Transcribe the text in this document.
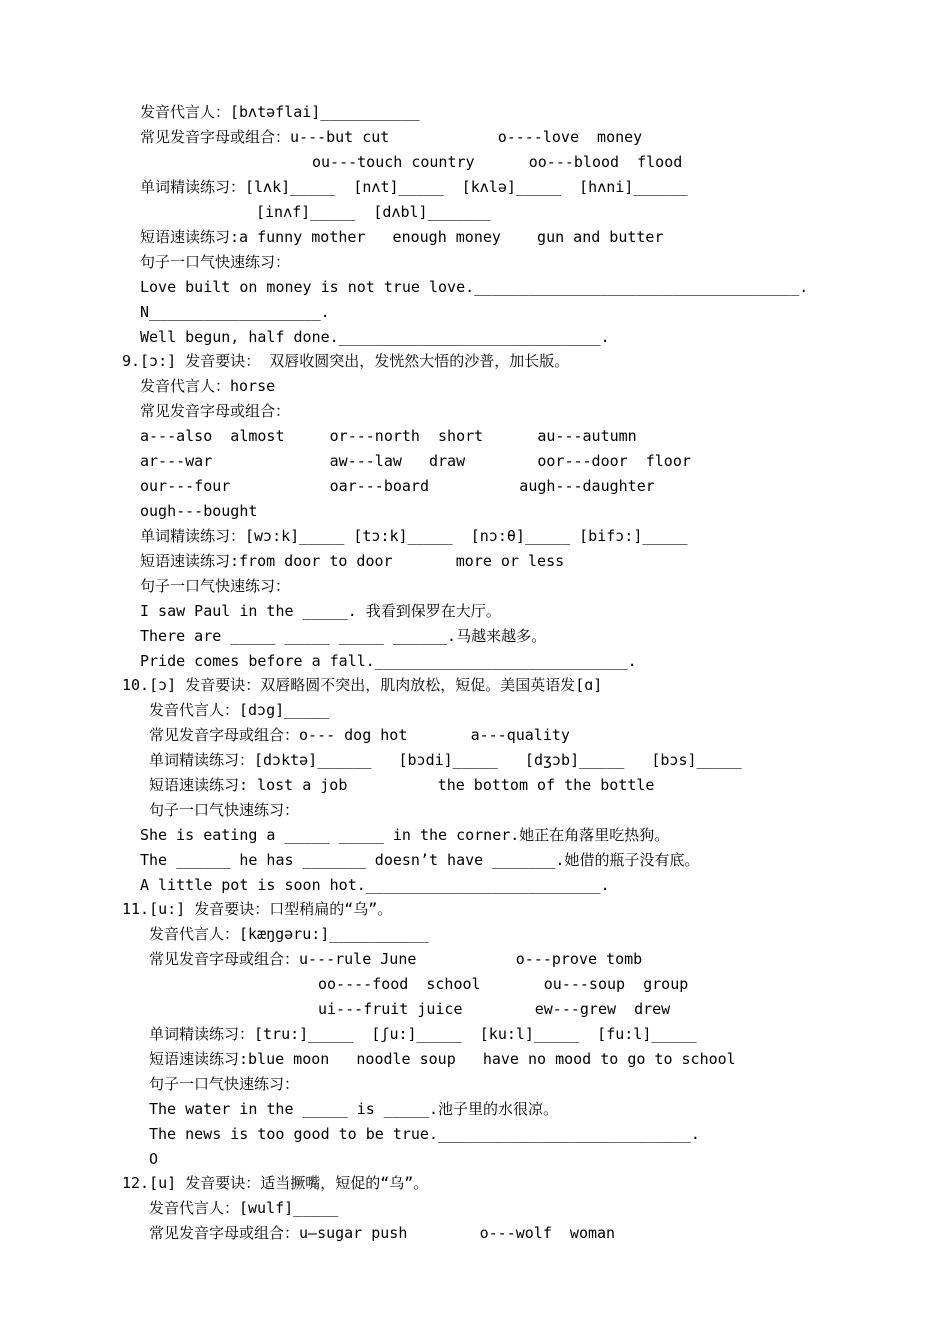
发音代言人：[bʌtəflai]___________
常见发音字母或组合：u---but cut            o----love  money
ou---touch country      oo---blood  flood
单词精读练习：[lʌk]_____  [nʌt]_____  [kʌlə]_____  [hʌni]______
[inʌf]_____  [dʌbl]_______
短语速读练习:a funny mother   enough money    gun and butter
句子一口气快速练习：
Love built on money is not true love.____________________________________.
N___________________.
Well begun, half done._____________________________.
9.[ɔ:] 发音要诀： 双唇收圆突出，发恍然大悟的沙普，加长版。
发音代言人：horse
常见发音字母或组合：
a---also  almost     or---north  short      au---autumn
ar---war             aw---law   draw        oor---door  floor
our---four           oar---board          augh---daughter
ough---bought
单词精读练习：[wɔ:k]_____ [tɔ:k]_____  [nɔ:θ]_____ [bifɔ:]_____
短语速读练习:from door to door       more or less
句子一口气快速练习：
I saw Paul in the _____. 我看到保罗在大厅。
There are _____ _____ _____ ______.马越来越多。
Pride comes before a fall.____________________________.
10.[ɔ] 发音要诀：双唇略圆不突出，肌肉放松，短促。美国英语发[ɑ]
发音代言人：[dɔg]_____
常见发音字母或组合：o--- dog hot       a---quality
单词精读练习：[dɔktə]______   [bɔdi]_____   [dʒɔb]_____   [bɔs]_____
短语速读练习: lost a job          the bottom of the bottle
句子一口气快速练习：
She is eating a _____ _____ in the corner.她正在角落里吃热狗。
The ______ he has _______ doesn’t have _______.她借的瓶子没有底。
A little pot is soon hot.__________________________.
11.[u:] 发音要诀：口型稍扁的“乌”。
发音代言人：[kæŋgəru:]___________
常见发音字母或组合：u---rule June           o---prove tomb
oo----food  school       ou---soup  group
ui---fruit juice        ew---grew  drew
单词精读练习：[tru:]_____  [ʃu:]_____  [ku:l]_____  [fu:l]_____
短语速读练习:blue moon   noodle soup   have no mood to go to school
句子一口气快速练习：
The water in the _____ is _____.池子里的水很凉。
The news is too good to be true.____________________________.
O
12.[u] 发音要诀：适当撅嘴，短促的“乌”。
发音代言人：[wulf]_____
常见发音字母或组合：u—sugar push        o---wolf  woman
